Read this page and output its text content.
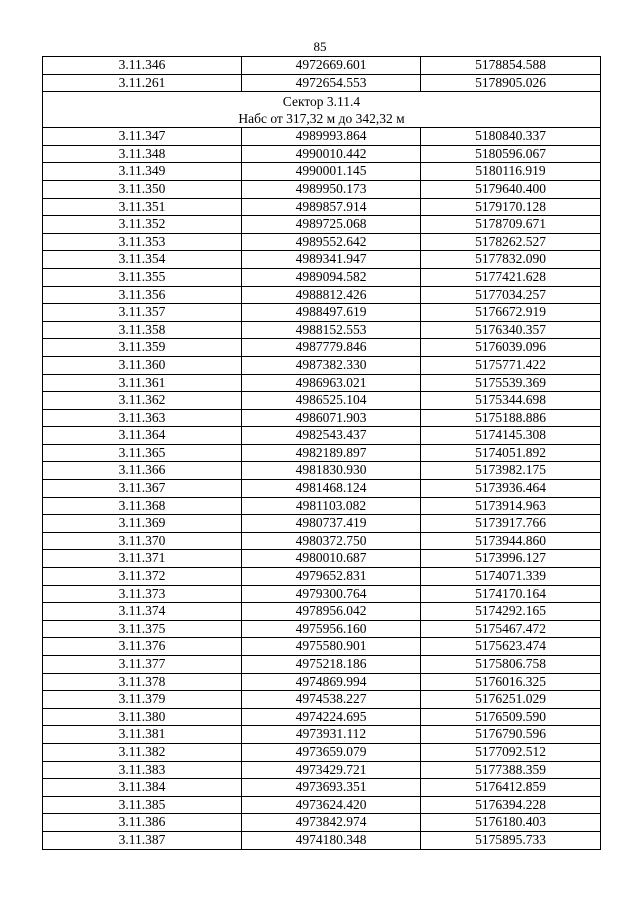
85
3.11.346	4972669.601	5178854.588
3.11.261	4972654.553	5178905.026

Сектор 3.11.4
Набс от 317,32 м до 342,32 м		

3.11.347	4989993.864	5180840.337
3.11.348	4990010.442	5180596.067
3.11.349	4990001.145	5180116.919
3.11.350	4989950.173	5179640.400
3.11.351	4989857.914	5179170.128
3.11.352	4989725.068	5178709.671
3.11.353	4989552.642	5178262.527
3.11.354	4989341.947	5177832.090
3.11.355	4989094.582	5177421.628
3.11.356	4988812.426	5177034.257
3.11.357	4988497.619	5176672.919
3.11.358	4988152.553	5176340.357
3.11.359	4987779.846	5176039.096
3.11.360	4987382.330	5175771.422
3.11.361	4986963.021	5175539.369
3.11.362	4986525.104	5175344.698
3.11.363	4986071.903	5175188.886
3.11.364	4982543.437	5174145.308
3.11.365	4982189.897	5174051.892
3.11.366	4981830.930	5173982.175
3.11.367	4981468.124	5173936.464
3.11.368	4981103.082	5173914.963
3.11.369	4980737.419	5173917.766
3.11.370	4980372.750	5173944.860
3.11.371	4980010.687	5173996.127
3.11.372	4979652.831	5174071.339
3.11.373	4979300.764	5174170.164
3.11.374	4978956.042	5174292.165
3.11.375	4975956.160	5175467.472
3.11.376	4975580.901	5175623.474
3.11.377	4975218.186	5175806.758
3.11.378	4974869.994	5176016.325
3.11.379	4974538.227	5176251.029
3.11.380	4974224.695	5176509.590
3.11.381	4973931.112	5176790.596
3.11.382	4973659.079	5177092.512
3.11.383	4973429.721	5177388.359
3.11.384	4973693.351	5176412.859
3.11.385	4973624.420	5176394.228
3.11.386	4973842.974	5176180.403
3.11.387	4974180.348	5175895.733
